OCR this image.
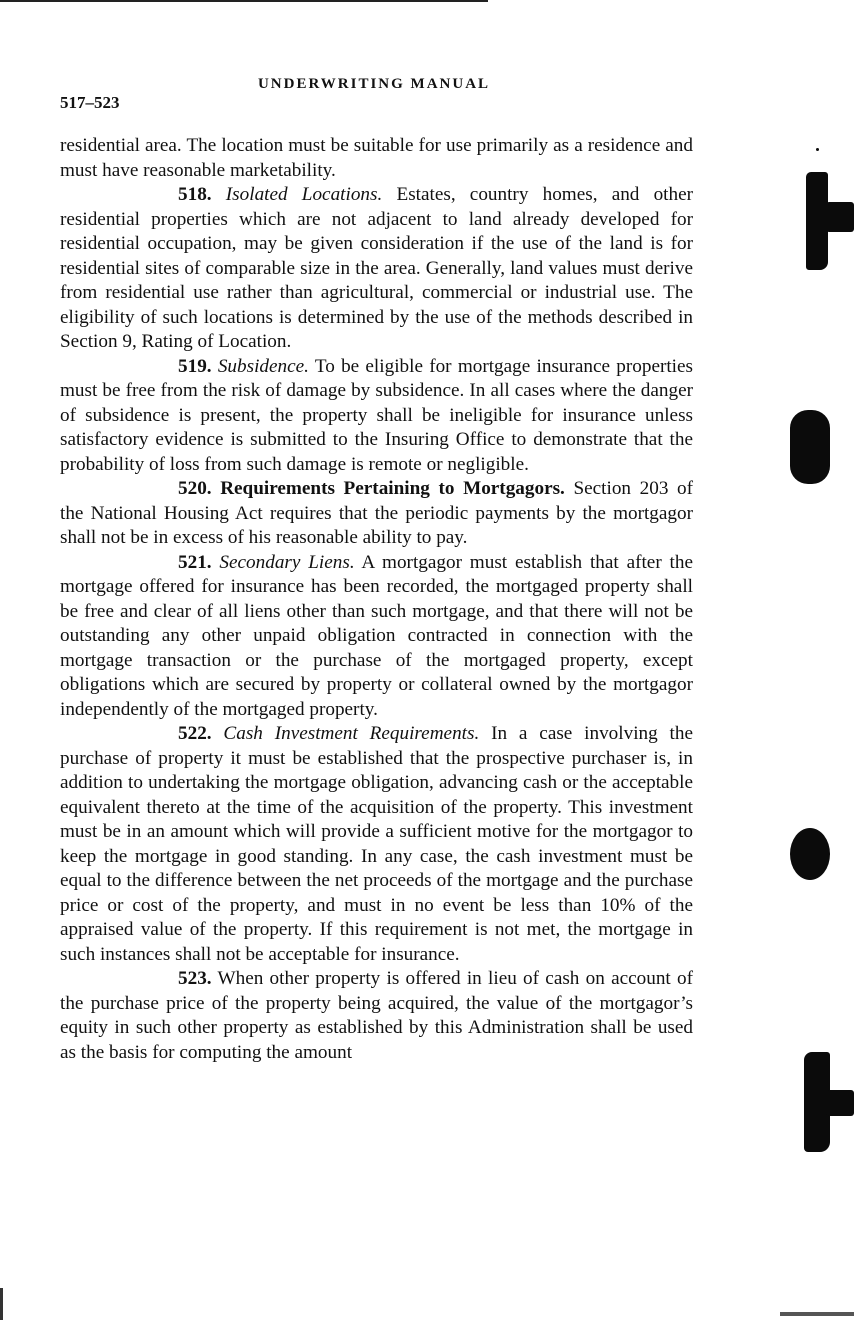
UNDERWRITING MANUAL
517–523

residential area. The location must be suitable for use primarily as a residence and must have reasonable marketability.

518. Isolated Locations. Estates, country homes, and other residential properties which are not adjacent to land already developed for residential occupation, may be given consideration if the use of the land is for residential sites of comparable size in the area. Generally, land values must derive from residential use rather than agricultural, commercial or industrial use. The eligibility of such locations is determined by the use of the methods described in Section 9, Rating of Location.

519. Subsidence. To be eligible for mortgage insurance properties must be free from the risk of damage by subsidence. In all cases where the danger of subsidence is present, the property shall be ineligible for insurance unless satisfactory evidence is submitted to the Insuring Office to demonstrate that the probability of loss from such damage is remote or negligible.

520. Requirements Pertaining to Mortgagors. Section 203 of the National Housing Act requires that the periodic payments by the mortgagor shall not be in excess of his reasonable ability to pay.

521. Secondary Liens. A mortgagor must establish that after the mortgage offered for insurance has been recorded, the mortgaged property shall be free and clear of all liens other than such mortgage, and that there will not be outstanding any other unpaid obligation contracted in connection with the mortgage transaction or the purchase of the mortgaged property, except obligations which are secured by property or collateral owned by the mortgagor independently of the mortgaged property.

522. Cash Investment Requirements. In a case involving the purchase of property it must be established that the prospective purchaser is, in addition to undertaking the mortgage obligation, advancing cash or the acceptable equivalent thereto at the time of the acquisition of the property. This investment must be in an amount which will provide a sufficient motive for the mortgagor to keep the mortgage in good standing. In any case, the cash investment must be equal to the difference between the net proceeds of the mortgage and the purchase price or cost of the property, and must in no event be less than 10% of the appraised value of the property. If this requirement is not met, the mortgage in such instances shall not be acceptable for insurance.

523. When other property is offered in lieu of cash on account of the purchase price of the property being acquired, the value of the mortgagor’s equity in such other property as established by this Administration shall be used as the basis for computing the amount
